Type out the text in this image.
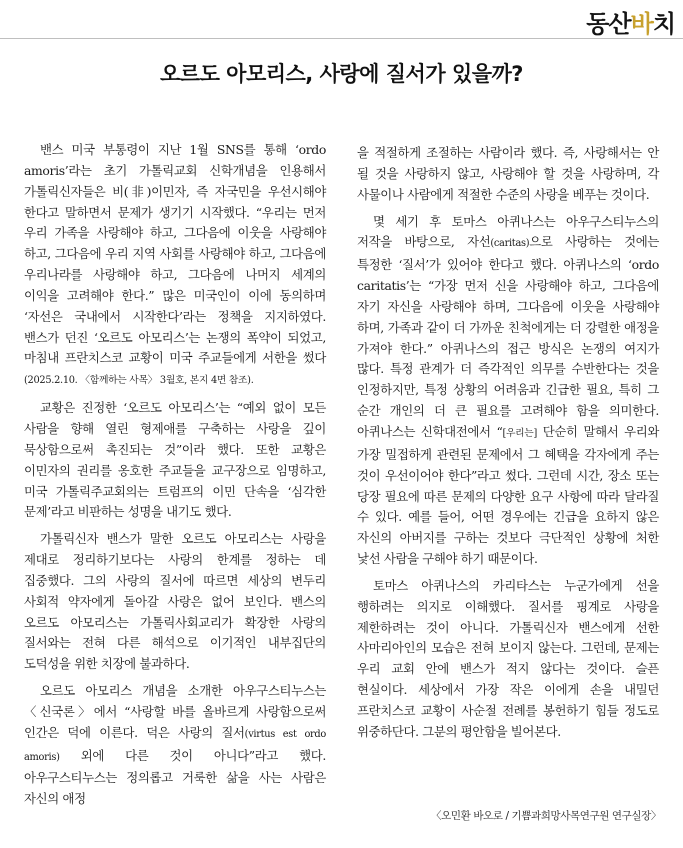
동산바치
오르도 아모리스, 사랑에 질서가 있을까?

밴스 미국 부통령이 지난 1월 SNS를 통해 ‘ordo amoris’라는 초기 가톨릭교회 신학개념을 인용해서 가톨릭신자들은 비(非)이민자, 즉 자국민을 우선시해야 한다고 말하면서 문제가 생기기 시작했다. “우리는 먼저 우리 가족을 사랑해야 하고, 그다음에 이웃을 사랑해야 하고, 그다음에 우리 지역 사회를 사랑해야 하고, 그다음에 우리나라를 사랑해야 하고, 그다음에 나머지 세계의 이익을 고려해야 한다.” 많은 미국인이 이에 동의하며 ‘자선은 국내에서 시작한다’라는 정책을 지지하였다. 밴스가 던진 ‘오르도 아모리스’는 논쟁의 폭약이 되었고, 마침내 프란치스코 교황이 미국 주교들에게 서한을 썼다(2025.2.10. 〈함께하는 사목〉 3월호, 본지 4면 참조).

교황은 진정한 ‘오르도 아모리스’는 “예외 없이 모든 사람을 향해 열린 형제애를 구축하는 사랑을 깊이 묵상함으로써 촉진되는 것”이라 했다. 또한 교황은 이민자의 권리를 옹호한 주교들을 교구장으로 임명하고, 미국 가톨릭주교회의는 트럼프의 이민 단속을 ‘심각한 문제’라고 비판하는 성명을 내기도 했다.

가톨릭신자 밴스가 말한 오르도 아모리스는 사랑을 제대로 정리하기보다는 사랑의 한계를 정하는 데 집중했다. 그의 사랑의 질서에 따르면 세상의 변두리 사회적 약자에게 돌아갈 사랑은 없어 보인다. 밴스의 오르도 아모리스는 가톨릭사회교리가 확장한 사랑의 질서와는 전혀 다른 해석으로 이기적인 내부집단의 도덕성을 위한 치장에 불과하다.

오르도 아모리스 개념을 소개한 아우구스티누스는 〈신국론〉에서 “사랑할 바를 올바르게 사랑함으로써 인간은 덕에 이른다. 덕은 사랑의 질서(virtus est ordo amoris) 외에 다른 것이 아니다”라고 했다. 아우구스티누스는 정의롭고 거룩한 삶을 사는 사람은 자신의 애정

을 적절하게 조절하는 사람이라 했다. 즉, 사랑해서는 안 될 것을 사랑하지 않고, 사랑해야 할 것을 사랑하며, 각 사물이나 사람에게 적절한 수준의 사랑을 베푸는 것이다.

몇 세기 후 토마스 아퀴나스는 아우구스티누스의 저작을 바탕으로, 자선(caritas)으로 사랑하는 것에는 특정한 ‘질서’가 있어야 한다고 했다. 아퀴나스의 ‘ordo caritatis’는 “가장 먼저 신을 사랑해야 하고, 그다음에 자기 자신을 사랑해야 하며, 그다음에 이웃을 사랑해야 하며, 가족과 같이 더 가까운 친척에게는 더 강렬한 애정을 가져야 한다.” 아퀴나스의 접근 방식은 논쟁의 여지가 많다. 특정 관계가 더 즉각적인 의무를 수반한다는 것을 인정하지만, 특정 상황의 어려움과 긴급한 필요, 특히 그 순간 개인의 더 큰 필요를 고려해야 함을 의미한다. 아퀴나스는 신학대전에서 “[우리는] 단순히 말해서 우리와 가장 밀접하게 관련된 문제에서 그 혜택을 각자에게 주는 것이 우선이어야 한다”라고 썼다. 그런데 시간, 장소 또는 당장 필요에 따른 문제의 다양한 요구 사항에 따라 달라질 수 있다. 예를 들어, 어떤 경우에는 긴급을 요하지 않은 자신의 아버지를 구하는 것보다 극단적인 상황에 처한 낯선 사람을 구해야 하기 때문이다.

토마스 아퀴나스의 카리타스는 누군가에게 선을 행하려는 의지로 이해했다. 질서를 핑계로 사랑을 제한하려는 것이 아니다. 가톨릭신자 밴스에게 선한 사마리아인의 모습은 전혀 보이지 않는다. 그런데, 문제는 우리 교회 안에 밴스가 적지 않다는 것이다. 슬픈 현실이다. 세상에서 가장 작은 이에게 손을 내밀던 프란치스코 교황이 사순절 전례를 봉헌하기 힘들 정도로 위중하단다. 그분의 평안함을 빌어본다.

〈오민환 바오로 / 기쁨과희망사목연구원 연구실장〉
